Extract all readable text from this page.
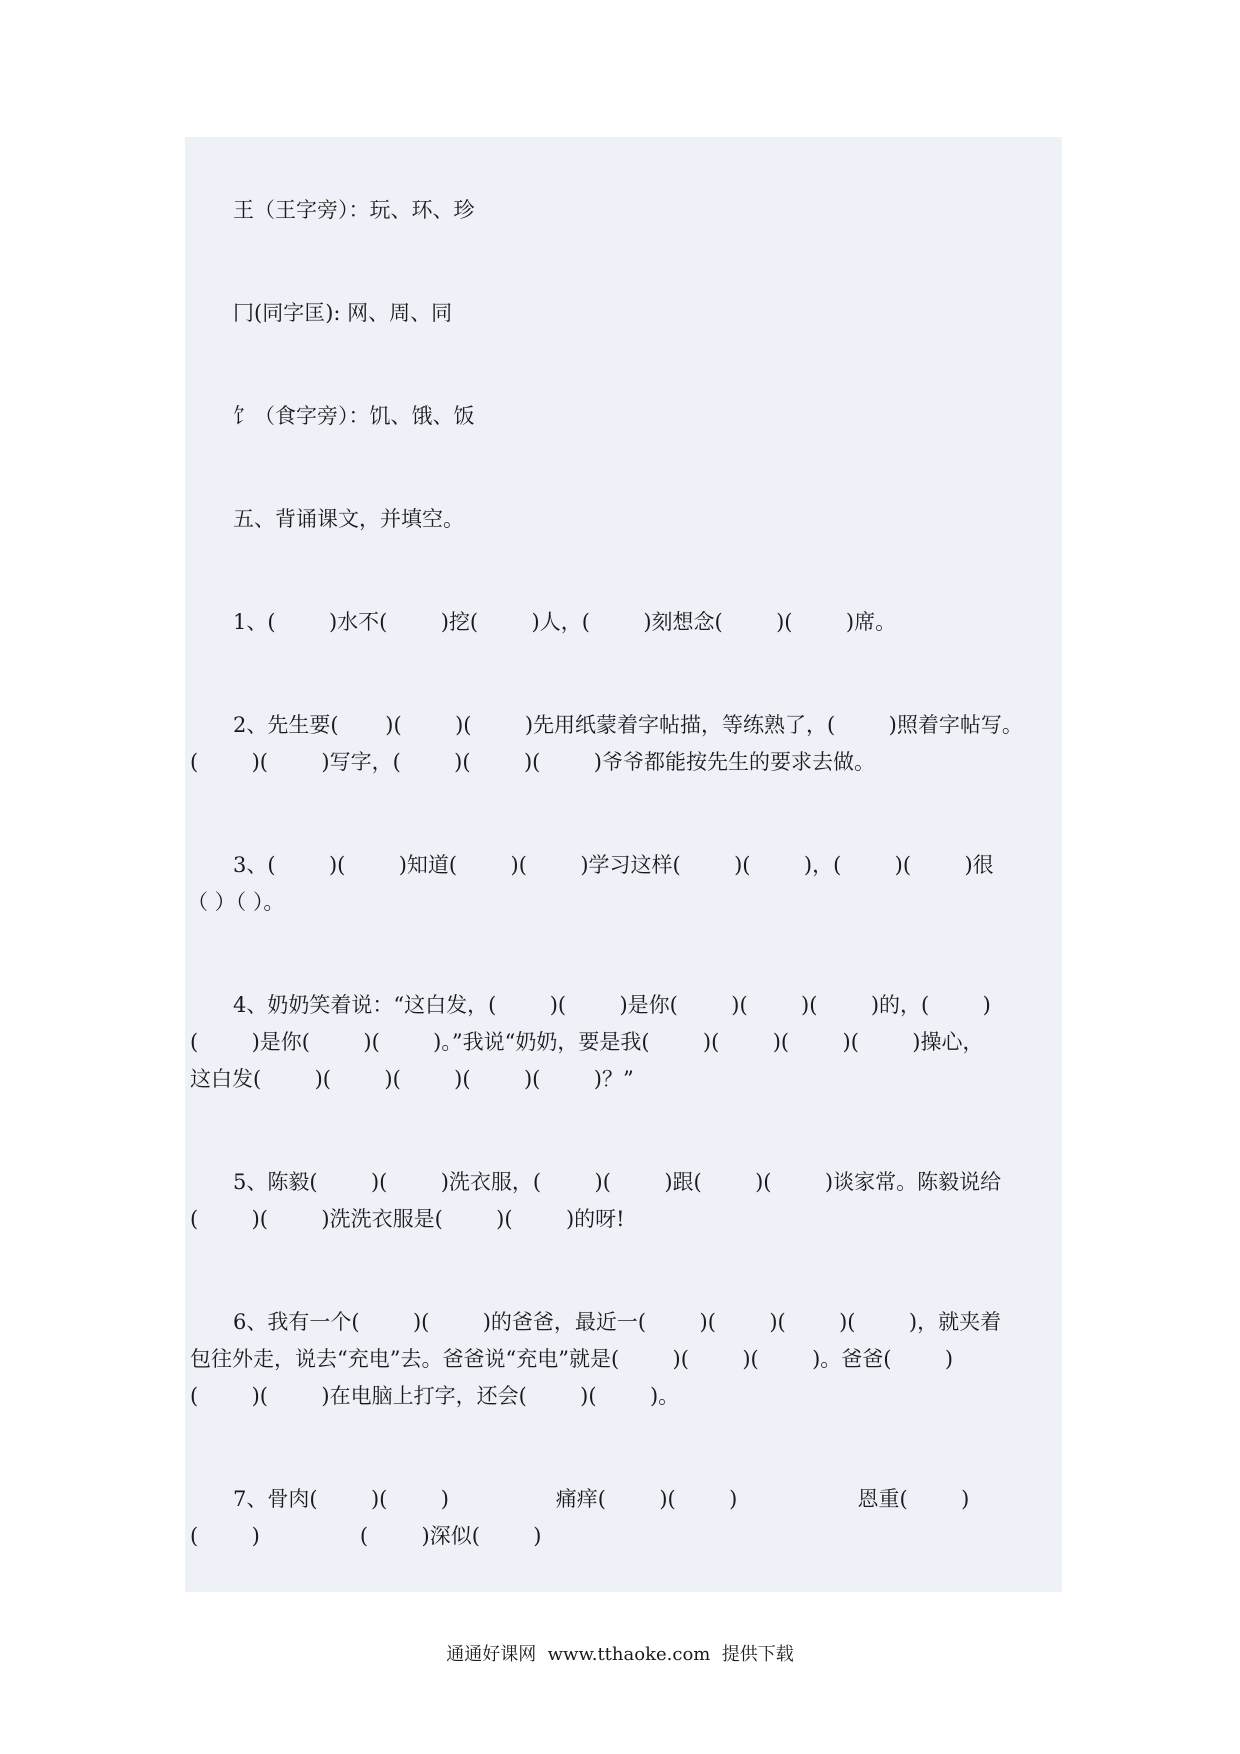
王（王字旁）：玩、环、珍
冂(同字匡): 网、周、同
饣（食字旁）：饥、饿、饭
五、背诵课文，并填空。
1、(        )水不(        )挖(        )人，(        )刻想念(        )(        )席。
2、先生要(       )(        )(        )先用纸蒙着字帖描，等练熟了，(        )照着字帖写。
(        )(        )写字，(        )(        )(        )爷爷都能按先生的要求去做。
3、(        )(        )知道(        )(        )学习这样(        )(        )，(        )(        )很
（ ）（ ）。
4、奶奶笑着说：“这白发，(        )(        )是你(        )(        )(        )的，(        )
(        )是你(        )(        )。”我说“奶奶，要是我(        )(        )(        )(        )操心，
这白发(        )(        )(        )(        )(        )？”
5、陈毅(        )(        )洗衣服，(        )(        )跟(        )(        )谈家常。陈毅说给
(        )(        )洗洗衣服是(        )(        )的呀!
6、我有一个(        )(        )的爸爸，最近一(        )(        )(        )(        )，就夹着
包往外走，说去“充电”去。爸爸说“充电”就是(        )(        )(        )。爸爸(        )
(        )(        )在电脑上打字，还会(        )(        )。
7、骨肉(        )(        )                痛痒(        )(        )                  恩重(        )
(        )               (        )深似(        )
通通好课网  www.tthaoke.com  提供下载
